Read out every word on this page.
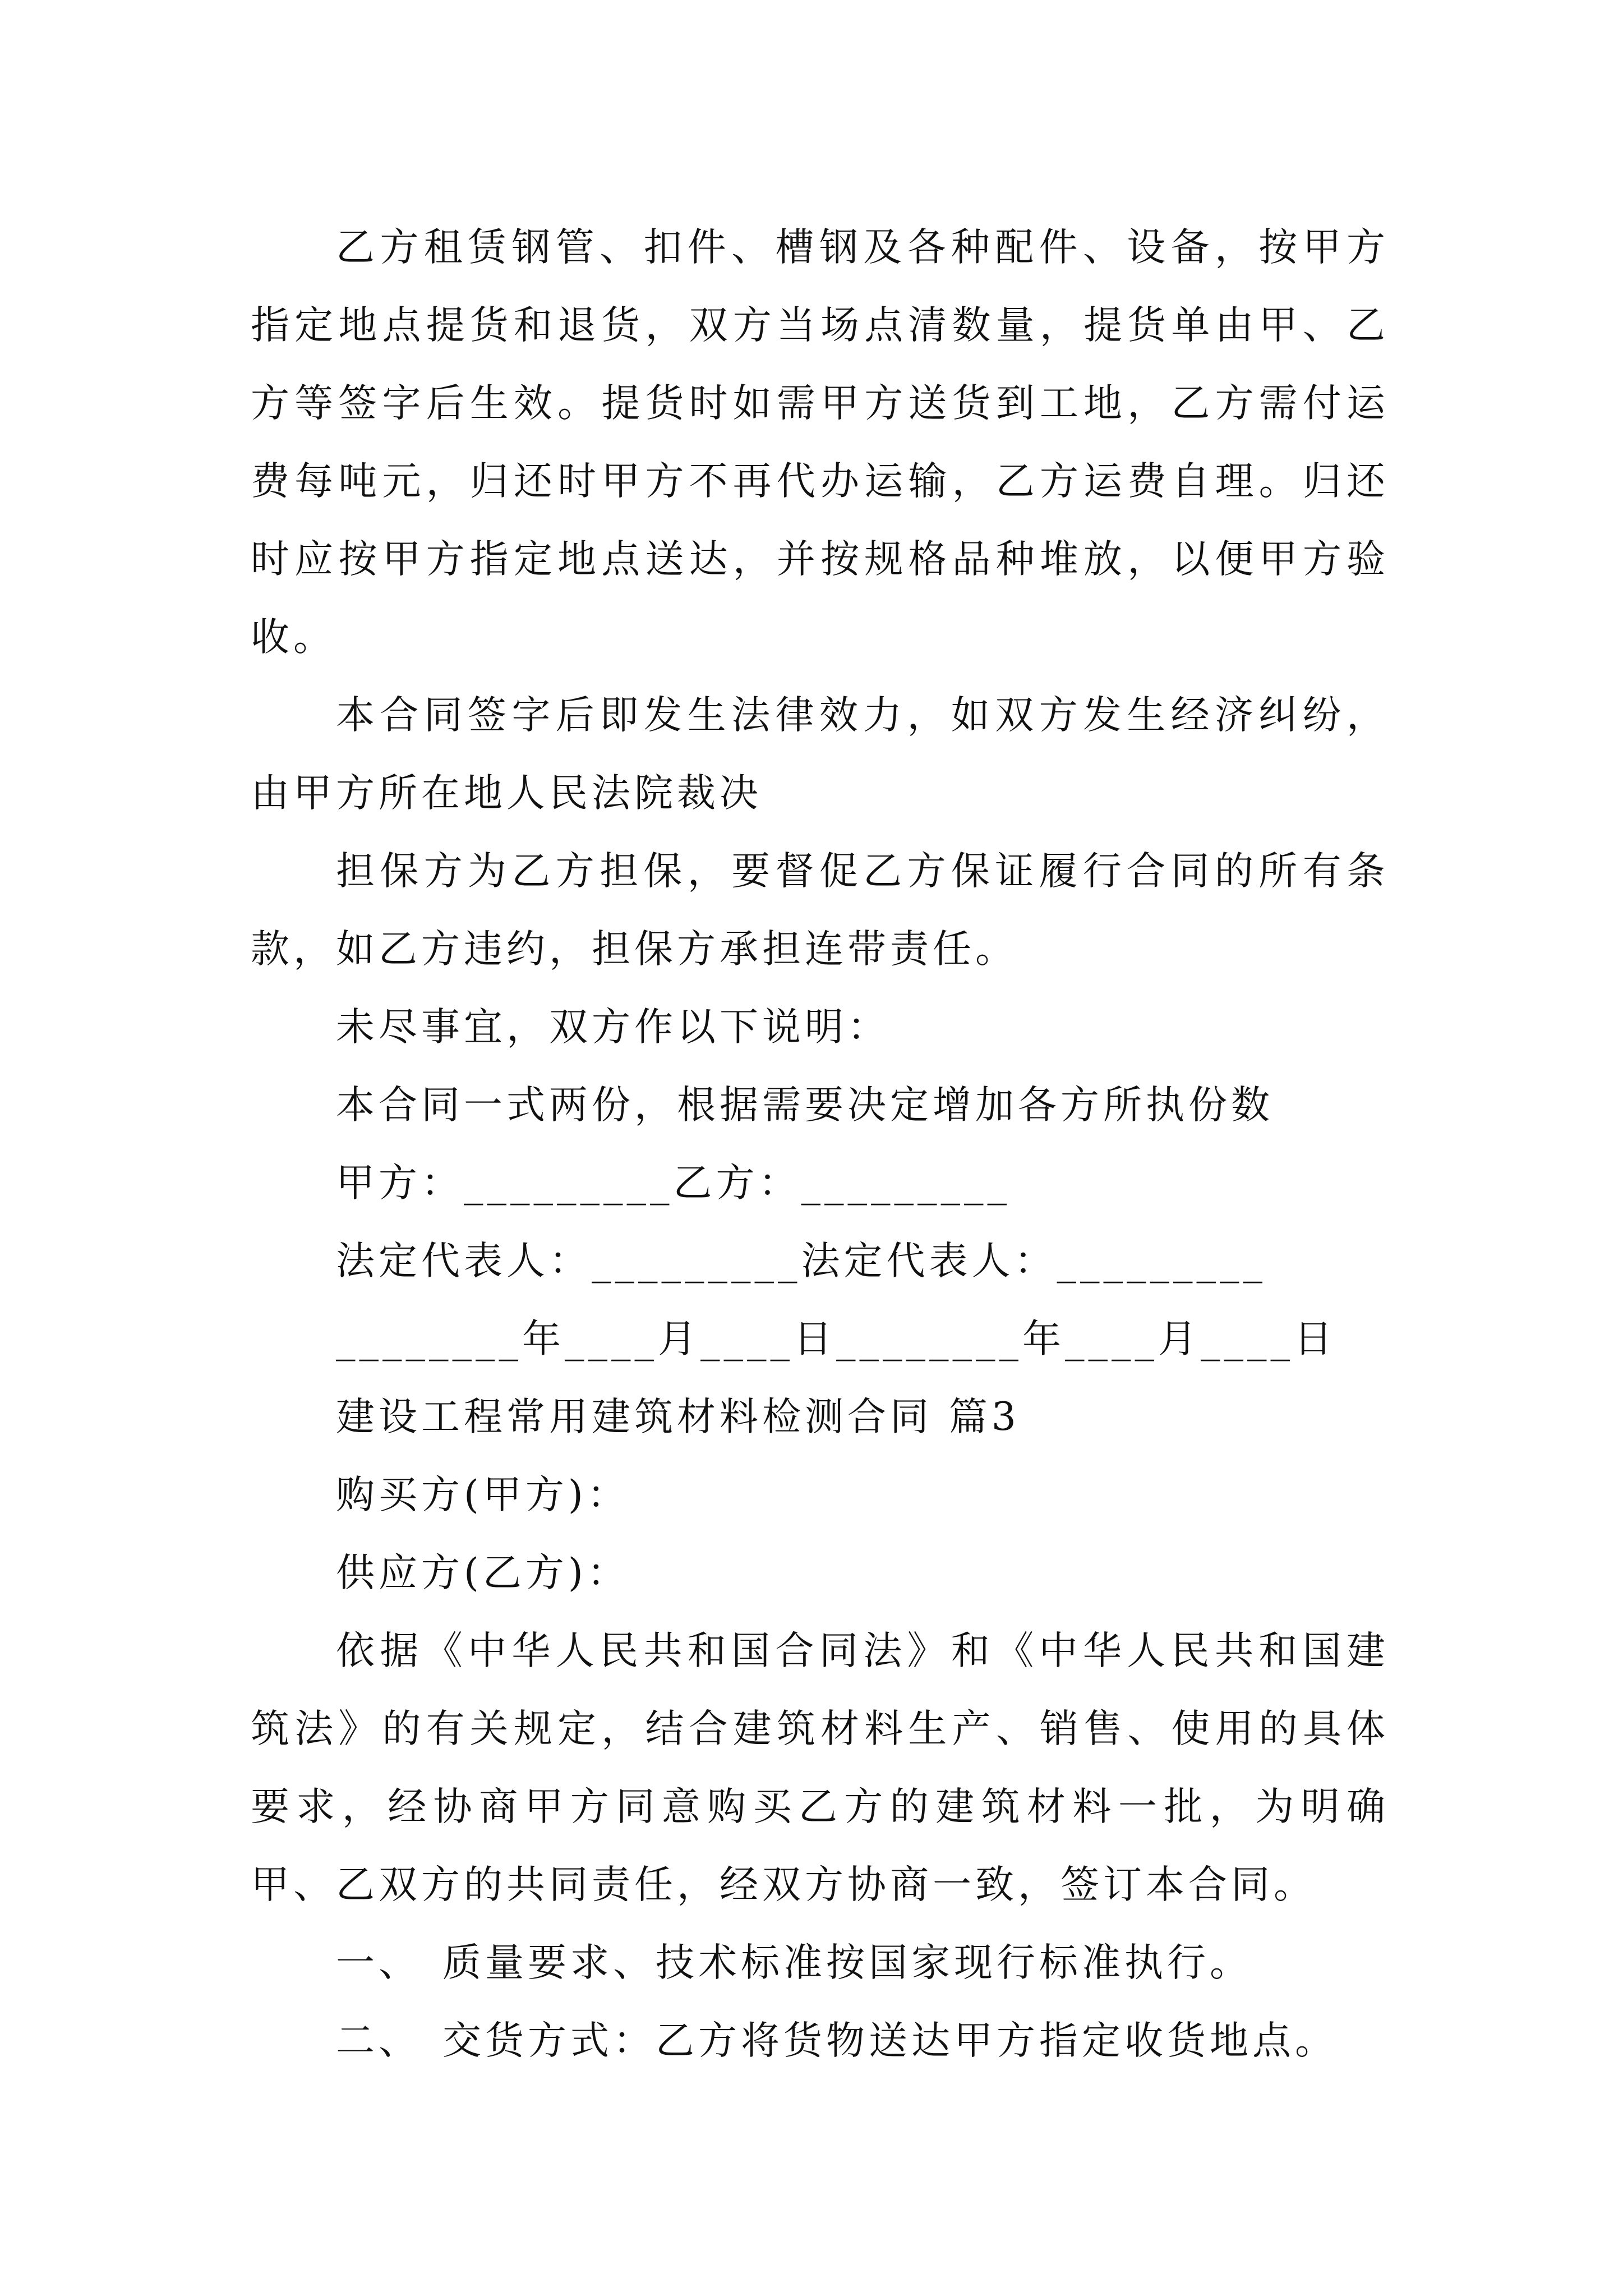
乙方租赁钢管、扣件、槽钢及各种配件、设备，按甲方指定地点提货和退货，双方当场点清数量，提货单由甲、乙方等签字后生效。提货时如需甲方送货到工地，乙方需付运费每吨元，归还时甲方不再代办运输，乙方运费自理。归还时应按甲方指定地点送达，并按规格品种堆放，以便甲方验收。

本合同签字后即发生法律效力，如双方发生经济纠纷，由甲方所在地人民法院裁决

担保方为乙方担保，要督促乙方保证履行合同的所有条款，如乙方违约，担保方承担连带责任。

未尽事宜，双方作以下说明：

本合同一式两份，根据需要决定增加各方所执份数

甲方：_________乙方：_________

法定代表人：_________法定代表人：_________

________年____月____日________年____月____日

建设工程常用建筑材料检测合同 篇3

购买方(甲方)：

供应方(乙方)：

依据《中华人民共和国合同法》和《中华人民共和国建筑法》的有关规定，结合建筑材料生产、销售、使用的具体要求，经协商甲方同意购买乙方的建筑材料一批，为明确甲、乙双方的共同责任，经双方协商一致，签订本合同。

一、 质量要求、技术标准按国家现行标准执行。

二、 交货方式：乙方将货物送达甲方指定收货地点。
